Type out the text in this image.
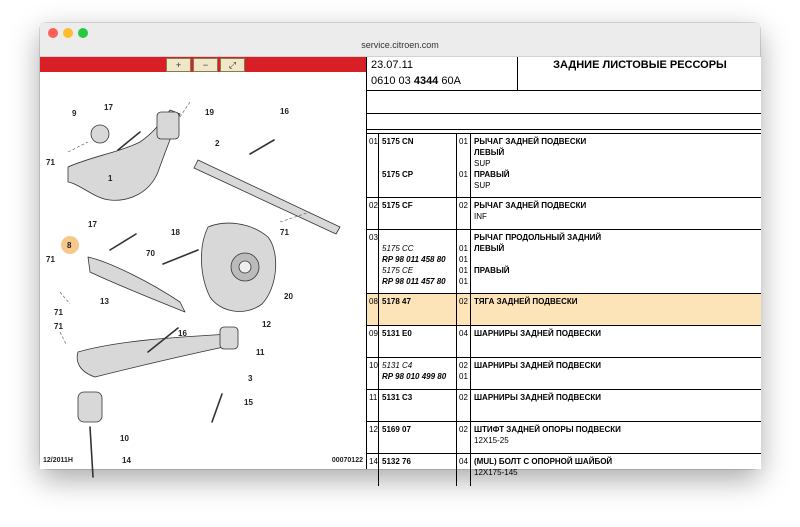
service.citroen.com
+	−	⤢
9
17
19	16
2
1
71
8
17
70
71
18
71
13
71
16
12
20
71
11
3
15
10
14
12/2011H	00070122
23.07.11
0610 03 4344 60A
ЗАДНИЕ ЛИСТОВЫЕ РЕССОРЫ
01 5175 CN	01 РЫЧАГ ЗАДНЕЙ ПОДВЕСКИ
ЛЕВЫЙ
SUP
5175 CP	01 ПРАВЫЙ
SUP
02 5175 CF	02 РЫЧАГ ЗАДНЕЙ ПОДВЕСКИ
INF
03	РЫЧАГ ПРОДОЛЬНЫЙ ЗАДНИЙ
5175 CC	01 ЛЕВЫЙ
RP 98 011 458 80 01
5175 CE	01 ПРАВЫЙ
RP 98 011 457 80 01
08 5178 47	02 ТЯГА ЗАДНЕЙ ПОДВЕСКИ
09 5131 E0	04 ШАРНИРЫ ЗАДНЕЙ ПОДВЕСКИ
10 5131 C4	02 ШАРНИРЫ ЗАДНЕЙ ПОДВЕСКИ
RP 98 010 499 80 01
11 5131 C3	02 ШАРНИРЫ ЗАДНЕЙ ПОДВЕСКИ
12 5169 07	02 ШТИФТ ЗАДНЕЙ ОПОРЫ ПОДВЕСКИ
12X15-25
14 5132 76	04 (MUL) БОЛТ С ОПОРНОЙ ШАЙБОЙ
12X175-145
